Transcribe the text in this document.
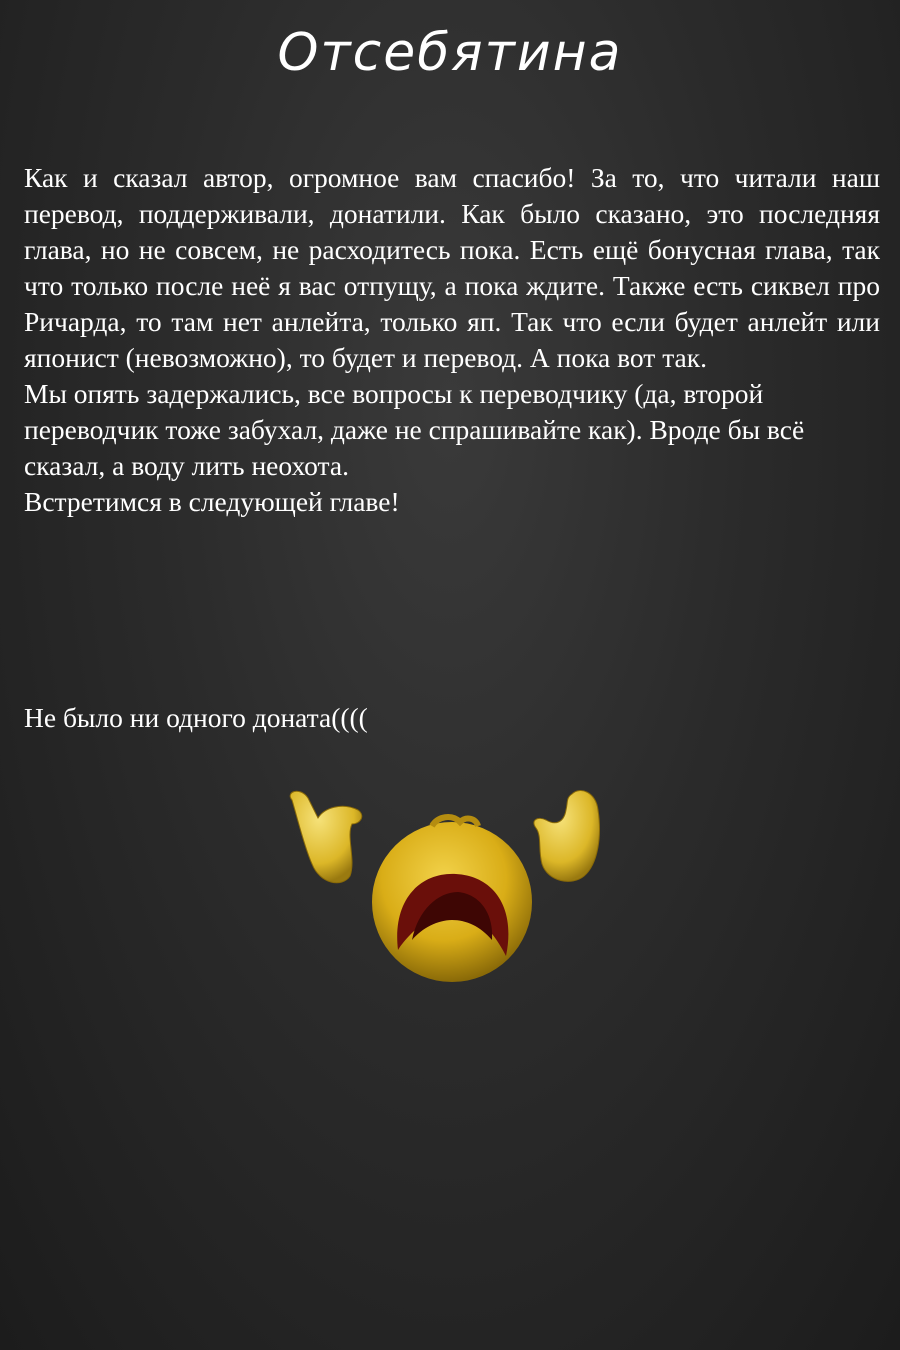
Отсебятина

Как и сказал автор, огромное вам спасибо! За то, что читали наш перевод, поддерживали, донатили. Как было сказано, это последняя глава, но не совсем, не расходитесь пока. Есть ещё бонусная глава, так что только после неё я вас отпущу, а пока ждите. Также есть сиквел про Ричарда, то там нет анлейта, только яп. Так что если будет анлейт или японист (невозможно), то будет и перевод. А пока вот так.

Мы опять задержались, все вопросы к переводчику (да, второй переводчик тоже забухал, даже не спрашивайте как). Вроде бы всё сказал, а воду лить неохота.

Встретимся в следующей главе!

Не было ни одного доната((((
